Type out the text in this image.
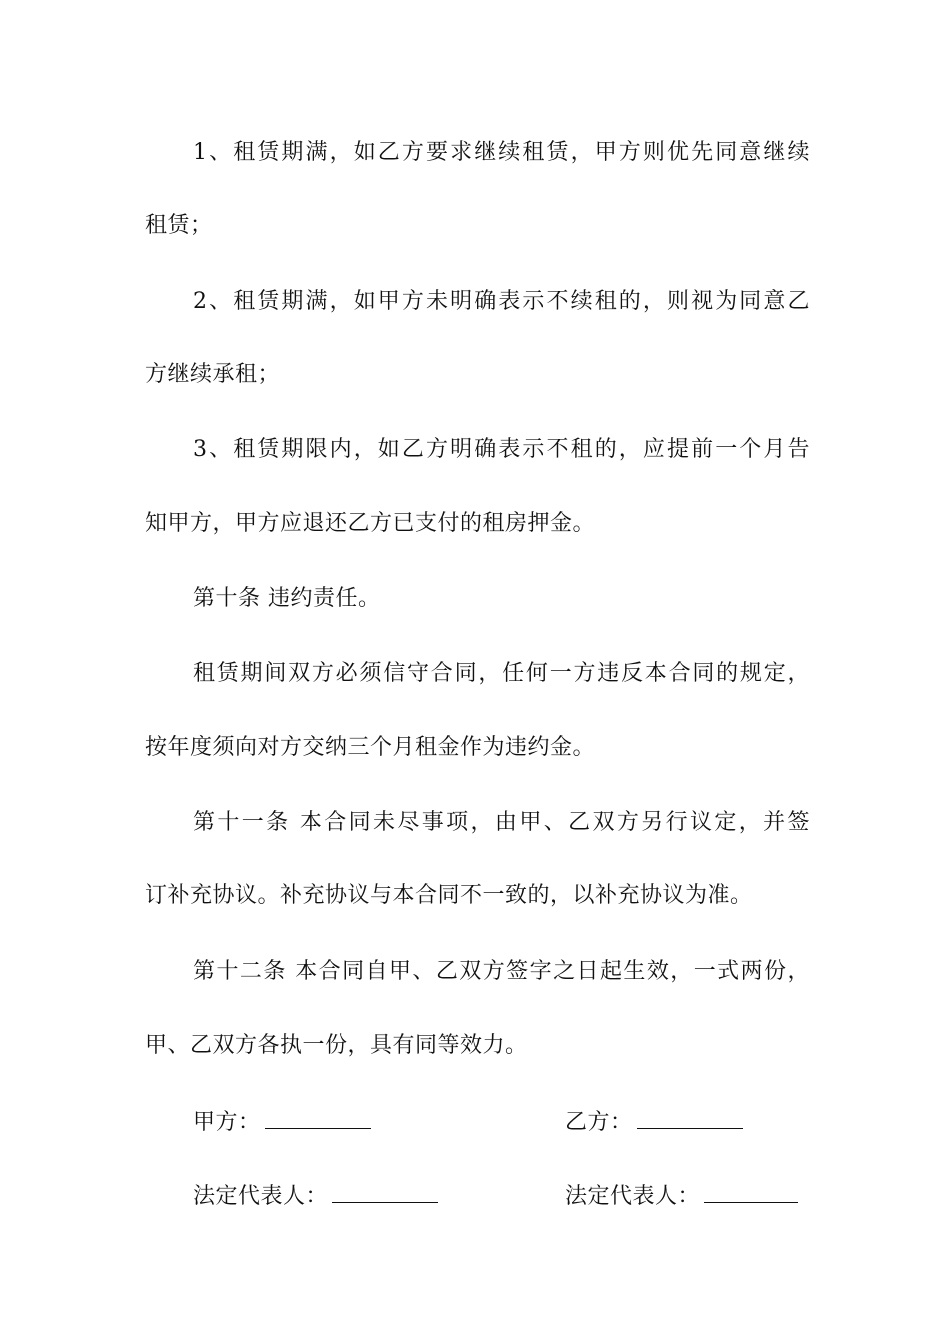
1、租赁期满，如乙方要求继续租赁，甲方则优先同意继续
租赁；
2、租赁期满，如甲方未明确表示不续租的，则视为同意乙
方继续承租；
3、租赁期限内，如乙方明确表示不租的，应提前一个月告
知甲方，甲方应退还乙方已支付的租房押金。
第十条 违约责任。
租赁期间双方必须信守合同，任何一方违反本合同的规定，
按年度须向对方交纳三个月租金作为违约金。
第十一条 本合同未尽事项，由甲、乙双方另行议定，并签
订补充协议。补充协议与本合同不一致的，以补充协议为准。
第十二条 本合同自甲、乙双方签字之日起生效，一式两份，
甲、乙双方各执一份，具有同等效力。
甲方：	乙方：
法定代表人：	法定代表人：
